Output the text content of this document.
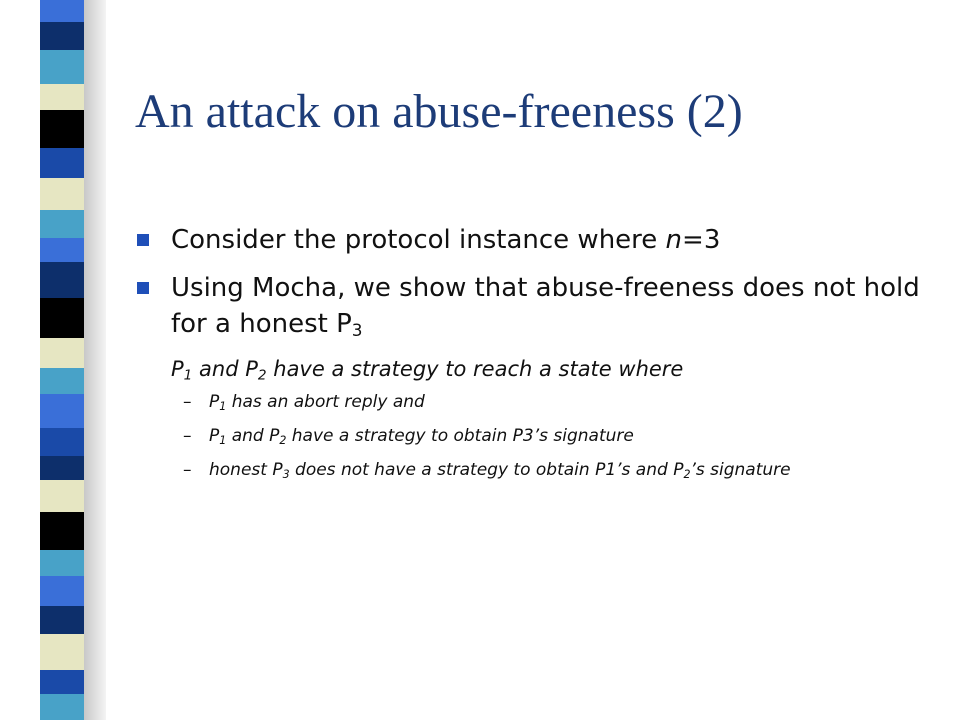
An attack on abuse-freeness (2)
Consider the protocol instance where n=3
Using Mocha, we show that abuse-freeness does not hold for a honest $P_3$
$P_1$ and $P_2$ have a strategy to reach a state where
– $P_1$ has an abort reply and
– $P_1$ and $P_2$ have a strategy to obtain P3’s signature
– honest $P_3$ does not have a strategy to obtain P1’s and $P_2’s$ signature
